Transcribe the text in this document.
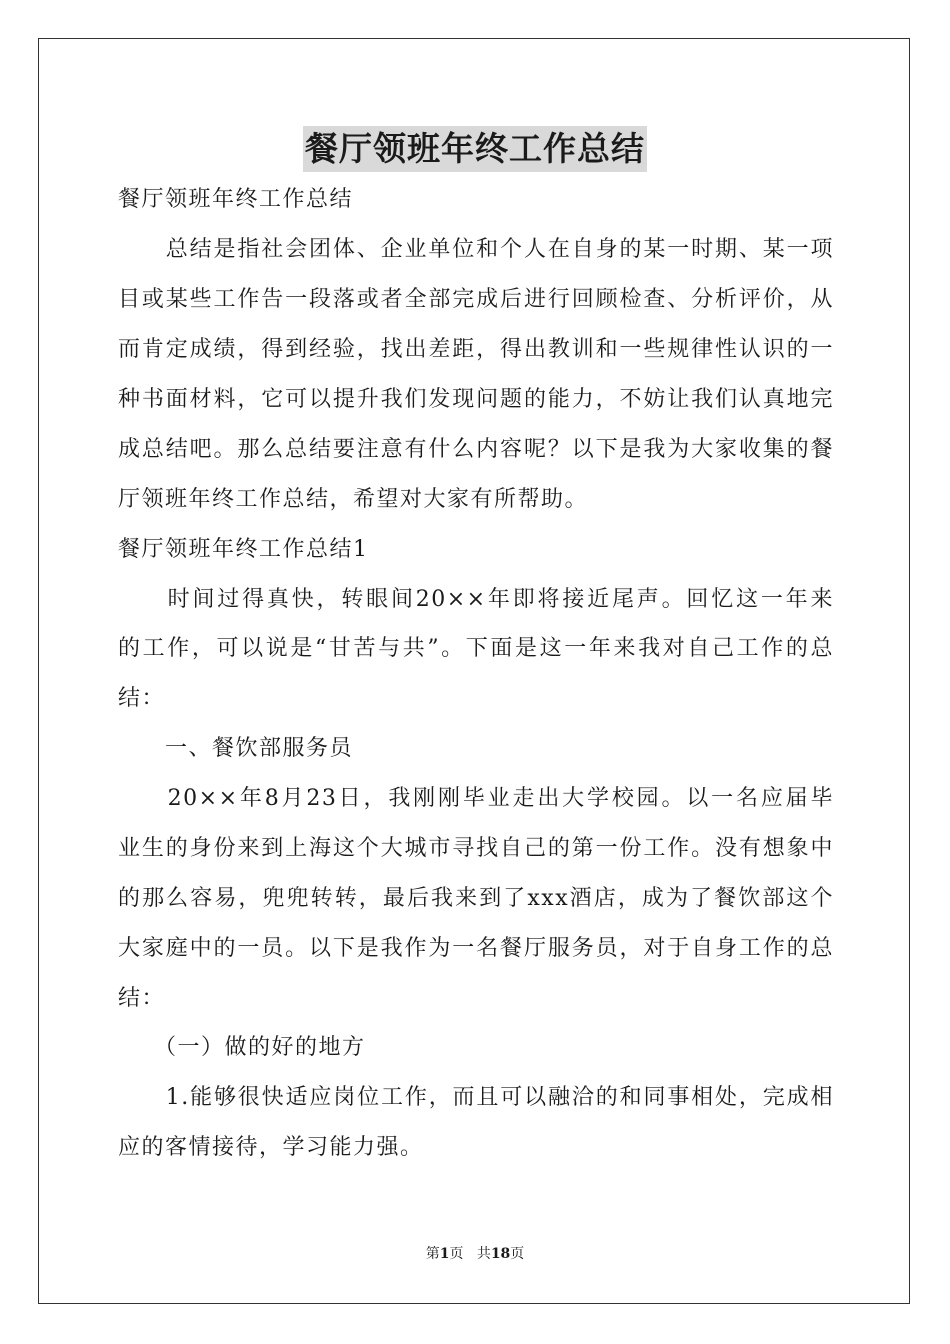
餐厅领班年终工作总结
餐厅领班年终工作总结
　　总结是指社会团体、企业单位和个人在自身的某一时期、某一项
目或某些工作告一段落或者全部完成后进行回顾检查、分析评价，从
而肯定成绩，得到经验，找出差距，得出教训和一些规律性认识的一
种书面材料，它可以提升我们发现问题的能力，不妨让我们认真地完
成总结吧。那么总结要注意有什么内容呢？以下是我为大家收集的餐
厅领班年终工作总结，希望对大家有所帮助。
餐厅领班年终工作总结1
　　时间过得真快，转眼间20××年即将接近尾声。回忆这一年来
的工作，可以说是“甘苦与共”。下面是这一年来我对自己工作的总
结：
　　一、餐饮部服务员
　　20××年8月23日，我刚刚毕业走出大学校园。以一名应届毕
业生的身份来到上海这个大城市寻找自己的第一份工作。没有想象中
的那么容易，兜兜转转，最后我来到了xxx酒店，成为了餐饮部这个
大家庭中的一员。以下是我作为一名餐厅服务员，对于自身工作的总
结：
　　（一）做的好的地方
　　1.能够很快适应岗位工作，而且可以融洽的和同事相处，完成相
应的客情接待，学习能力强。
第1页 共18页
